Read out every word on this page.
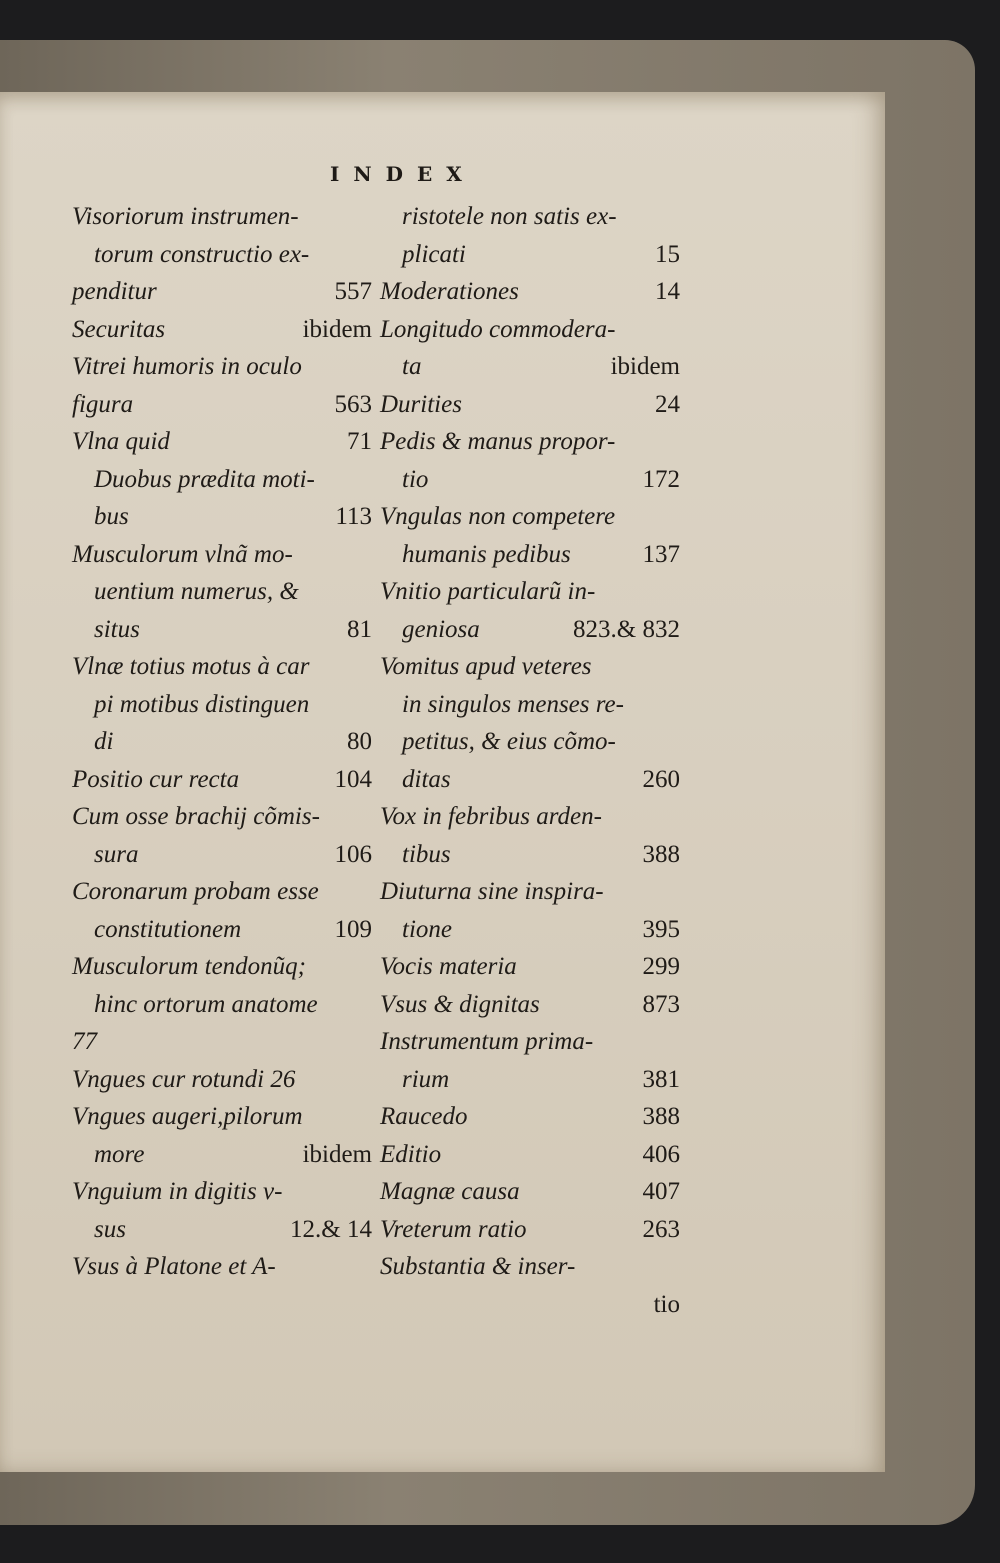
INDEX
Visoriorum instrumen-
torum constructio ex-
penditur	557
Securitas	ibidem
Vitrei humoris in oculo
figura	563
Vlna quid	71
Duobus prædita moti-
bus	113
Musculorum vlnã mo-
uentium numerus, &
situs	81
Vlnæ totius motus à car
pi motibus distinguen
di	80
Positio cur recta	104
Cum osse brachij cõmis-
sura	106
Coronarum probam esse
constitutionem	109
Musculorum tendonũq;
hinc ortorum anatome
77
Vngues cur rotundi 26
Vngues augeri,pilorum
more	ibidem
Vnguium in digitis v-
sus	12.& 14
Vsus à Platone et A-
ristotele non satis ex-
plicati	15
Moderationes	14
Longitudo commodera-
ta	ibidem
Durities	24
Pedis & manus propor-
tio	172
Vngulas non competere
humanis pedibus	137
Vnitio particularũ in-
geniosa	823.& 832
Vomitus apud veteres
in singulos menses re-
petitus, & eius cõmo-
ditas	260
Vox in febribus arden-
tibus	388
Diuturna sine inspira-
tione	395
Vocis materia	299
Vsus & dignitas	873
Instrumentum prima-
rium	381
Raucedo	388
Editio	406
Magnæ causa	407
Vreterum ratio	263
Substantia & inser-
tio
